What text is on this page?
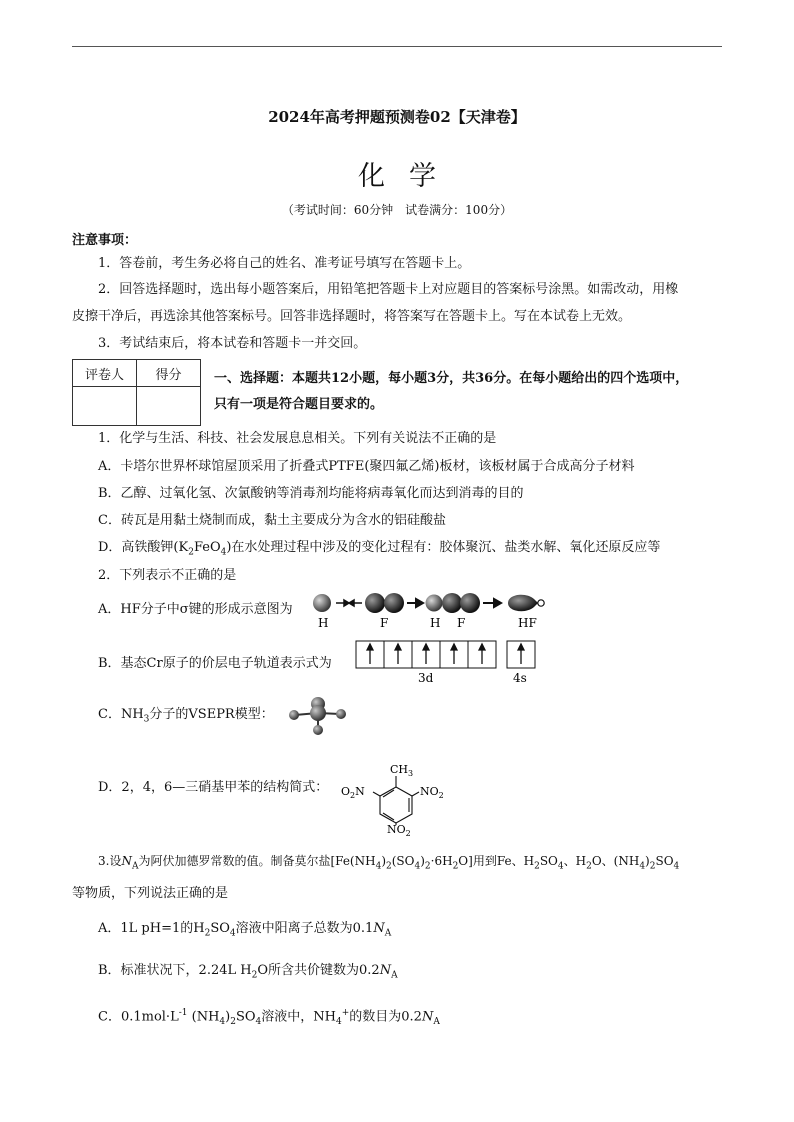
2024年高考押题预测卷02【天津卷】
化学
（考试时间：60分钟　试卷满分：100分）
注意事项：
1．答卷前，考生务必将自己的姓名、准考证号填写在答题卡上。
2．回答选择题时，选出每小题答案后，用铅笔把答题卡上对应题目的答案标号涂黑。如需改动，用橡
皮擦干净后，再选涂其他答案标号。回答非选择题时，将答案写在答题卡上。写在本试卷上无效。
3．考试结束后，将本试卷和答题卡一并交回。
评卷人	得分
		一、选择题：本题共12小题，每小题3分，共36分。在每小题给出的四个选项中，
只有一项是符合题目要求的。
1．化学与生活、科技、社会发展息息相关。下列有关说法不正确的是
A．卡塔尔世界杯球馆屋顶采用了折叠式PTFE(聚四氟乙烯)板材，该板材属于合成高分子材料
B．乙醇、过氧化氢、次氯酸钠等消毒剂均能将病毒氧化而达到消毒的目的
C．砖瓦是用黏土烧制而成，黏土主要成分为含水的铝硅酸盐
D．高铁酸钾$(K_2FeO_4)$在水处理过程中涉及的变化过程有：胶体聚沉、盐类水解、氧化还原反应等
2．下列表示不正确的是
A．HF分子中σ键的形成示意图为
H	F	H F	HF
B．基态Cr原子的价层电子轨道表示式为
3d	4s
C．$NH_3$分子的VSEPR模型：
D．2，4，6—三硝基甲苯的结构简式：
$CH_3$
$NO_2$
$O_2N$
$NO_2$
3.设$N_A$为阿伏加德罗常数的值。制备莫尔盐$[Fe(NH_4)_2(SO_4)_2\cdot 6H_2O]$用到Fe、$H_2SO_4$、$H_2O$、$(NH_4)_2SO_4$
等物质，下列说法正确的是
A．1L pH=1的$H_2SO_4$溶液中阳离子总数为$0.1N_A$
B．标准状况下，2.24L $H_2O$所含共价键数为$0.2N_A$
C．$0.1mol\cdot L^{-1}$ $(NH_4)_2SO_4$溶液中，$NH_4^+$的数目为$0.2N_A$
